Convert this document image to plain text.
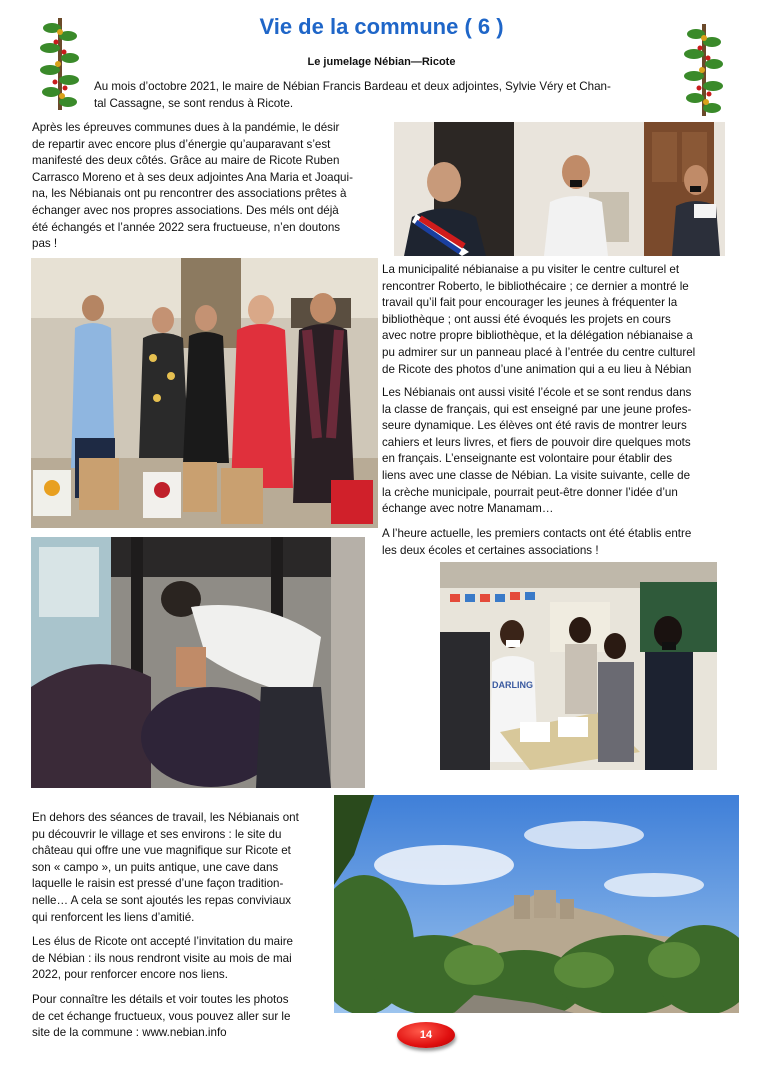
Vie de la commune ( 6 )
Le jumelage Nébian—Ricote
Au mois d’octobre 2021, le maire de Nébian Francis Bardeau et deux adjointes, Sylvie Véry et Chan-
tal Cassagne, se sont rendus à Ricote.
Après les épreuves communes dues à la pandémie, le désir
de repartir avec encore plus d’énergie qu’auparavant s’est
manifesté des deux côtés. Grâce au maire de Ricote Ruben
Carrasco Moreno et à ses deux adjointes Ana Maria et Joaqui-
na, les Nébianais ont pu rencontrer des associations prêtes à
échanger avec nos propres associations. Des méls ont déjà
été échangés et l’année 2022 sera fructueuse, n’en doutons
pas !
La municipalité nébianaise a pu visiter le centre culturel et
rencontrer Roberto, le bibliothécaire ; ce dernier a montré le
travail qu’il fait pour encourager les jeunes à fréquenter la
bibliothèque ; ont aussi été évoqués les projets en cours
avec notre propre bibliothèque, et la délégation nébianaise a
pu admirer sur un panneau placé à l’entrée du centre culturel
de Ricote des photos d’une animation qui a eu lieu à Nébian
Les Nébianais ont aussi visité l’école et se sont rendus dans
la classe de français, qui est enseigné par une jeune profes-
seure dynamique. Les élèves ont été ravis de montrer leurs
cahiers et leurs livres, et fiers de pouvoir dire quelques mots
en français. L’enseignante est volontaire pour établir des
liens avec une classe de Nébian. La visite suivante, celle de
la crèche municipale, pourrait peut-être donner l’idée d’un
échange avec notre Manamam…
A l’heure actuelle, les premiers contacts ont été établis entre
les deux écoles et certaines associations !
DARLING
En dehors des séances de travail, les Nébianais ont
pu découvrir le village et ses environs : le site du
château qui offre une vue magnifique sur Ricote et
son « campo », un puits antique, une cave dans
laquelle le raisin est pressé d’une façon tradition-
nelle… A cela se sont ajoutés les repas conviviaux
qui renforcent les liens d’amitié.
Les élus de Ricote ont accepté l’invitation du maire
de Nébian : ils nous rendront visite au mois de mai
2022, pour renforcer encore nos liens.
Pour connaître les détails et voir toutes les photos
de cet échange fructueux, vous pouvez aller sur le
site de la commune : www.nebian.info	14
